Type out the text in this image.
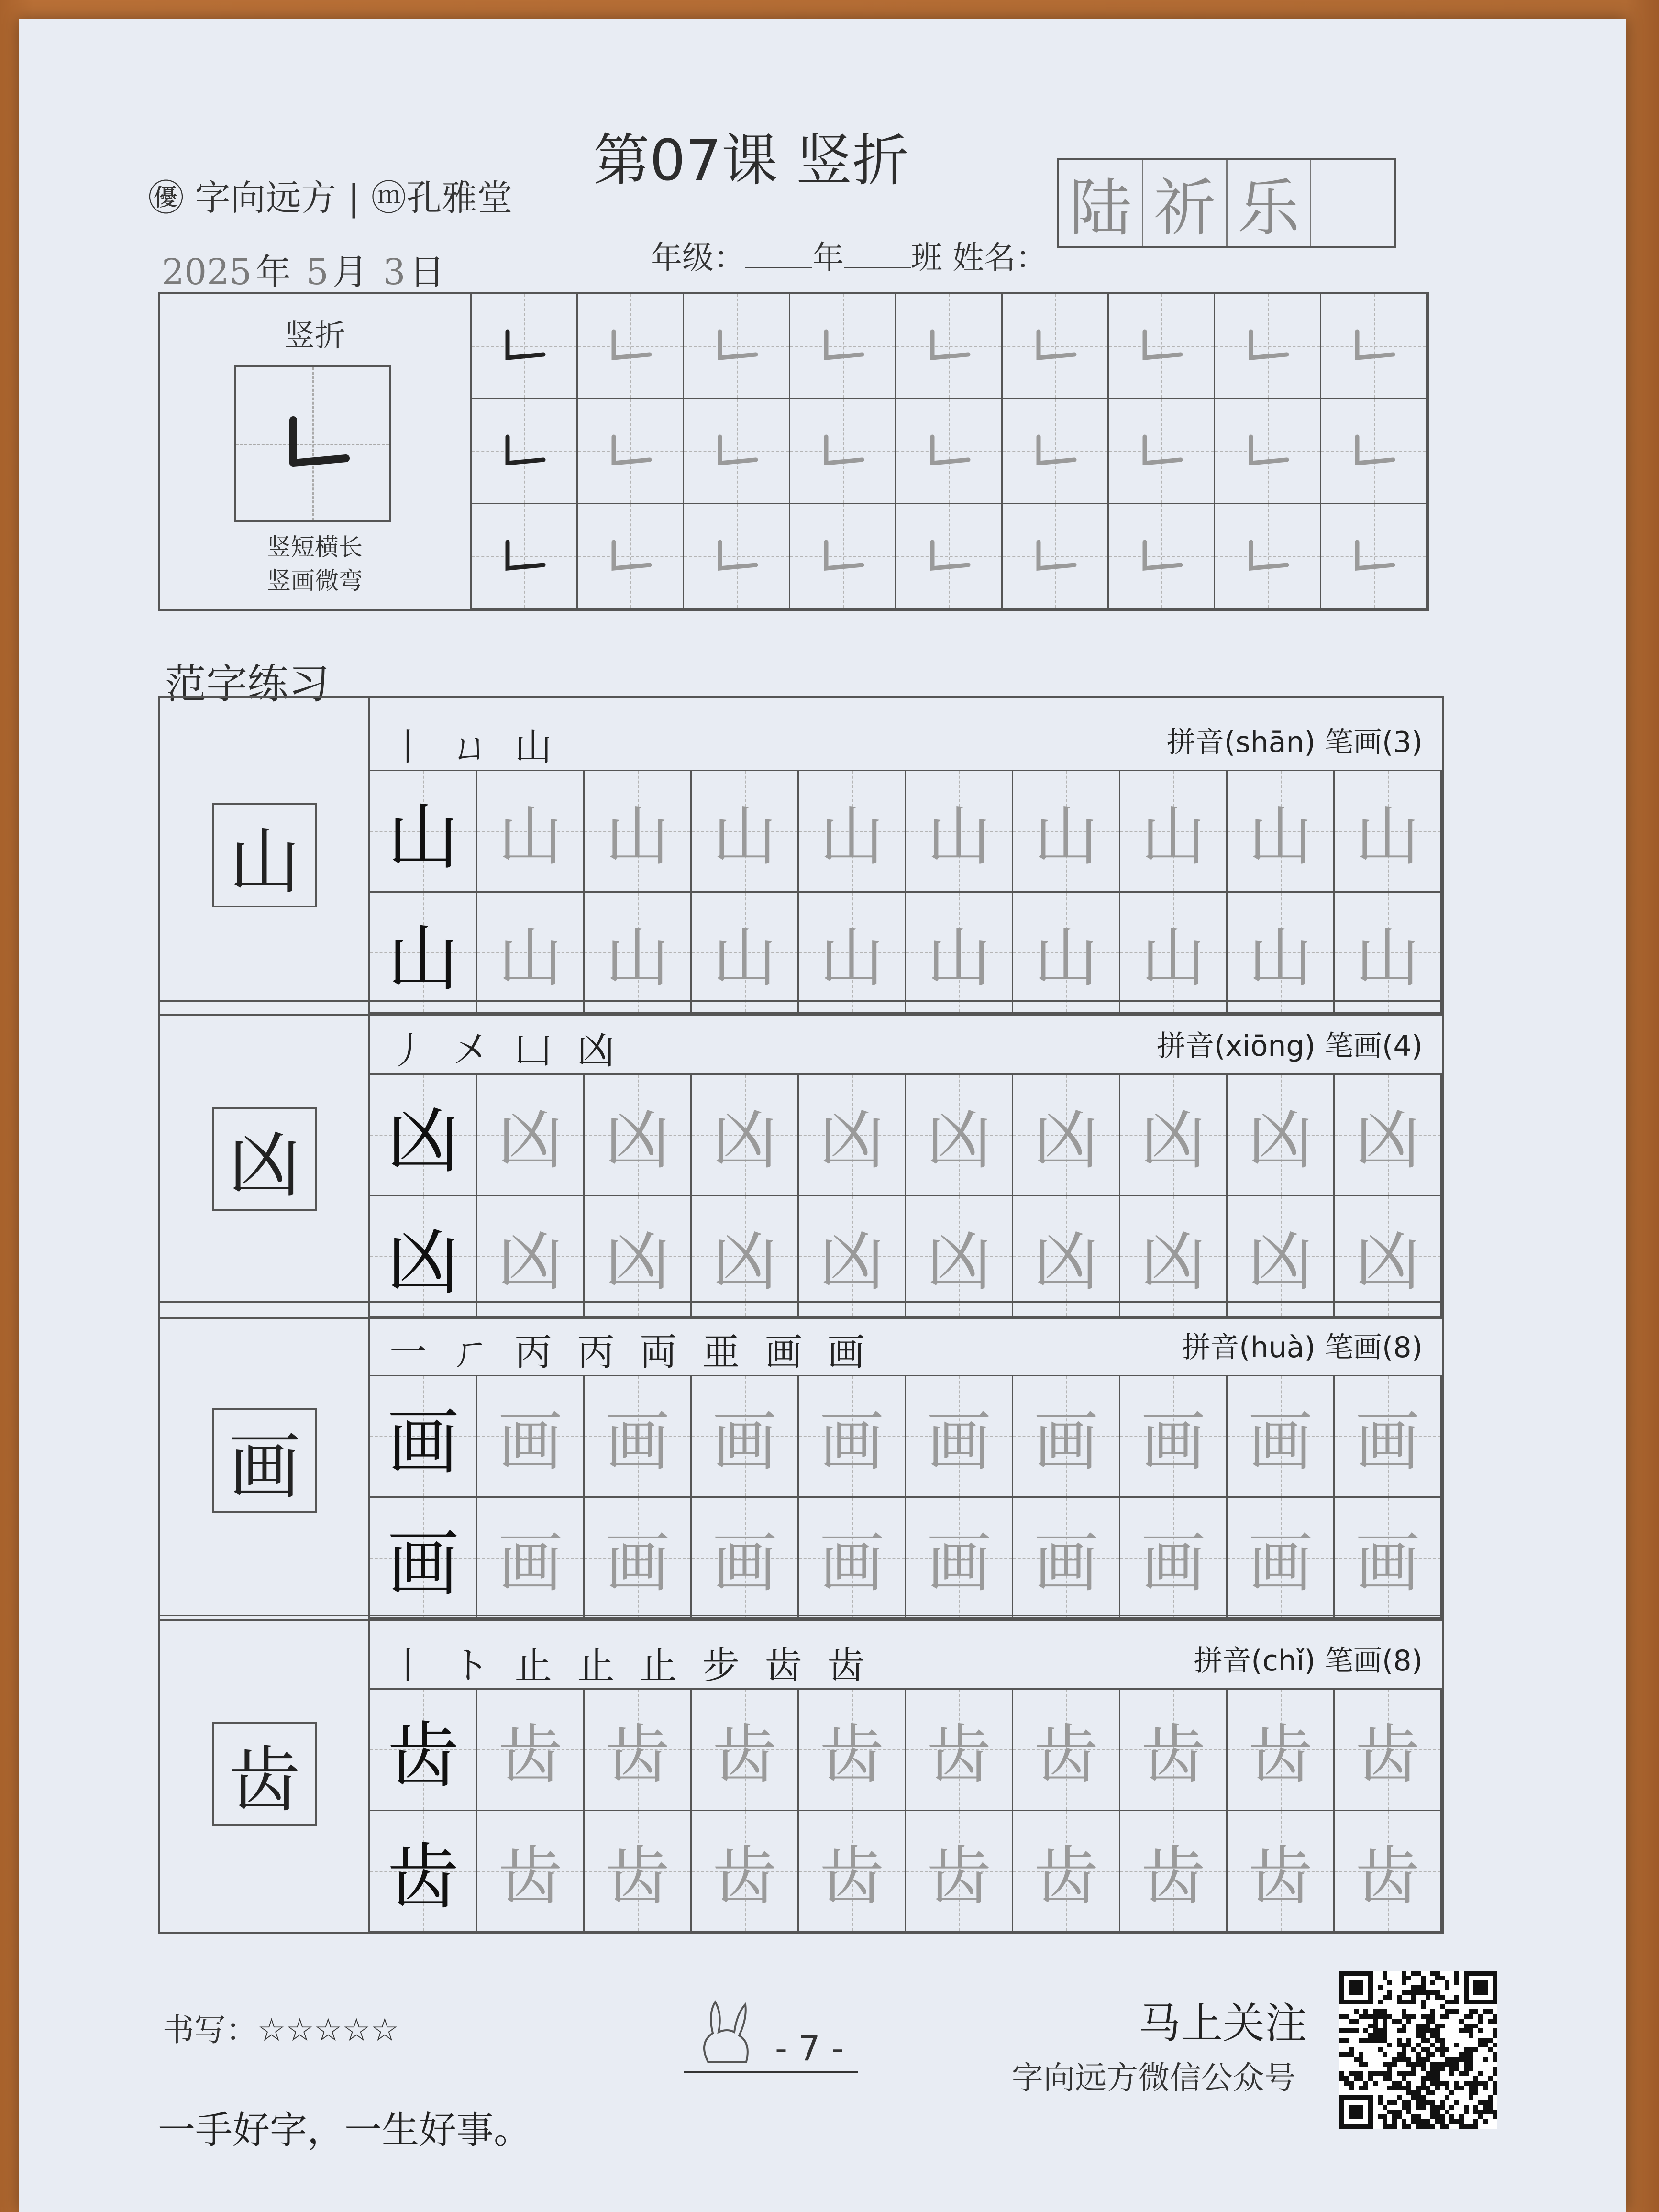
㊝ 字向远方 | ⓜ孔雅堂
第07课 竖折
2025 年 5 月 3 日	年级： 年 班 姓名：
陆 祈 乐
竖折
竖短横长
竖画微弯
范字练习
山
丨 ㄩ 山	拼音(shān) 笔画(3)
山 山 山 山 山 山 山 山 山 山
山 山 山 山 山 山 山 山 山 山
凶
丿 㐅 凵 凶	拼音(xiōng) 笔画(4)
凶 凶 凶 凶 凶 凶 凶 凶 凶 凶
凶 凶 凶 凶 凶 凶 凶 凶 凶 凶
画
一 ㄏ 丙 丙 両 亜 画 画	拼音(huà) 笔画(8)
画 画 画 画 画 画 画 画 画 画
画 画 画 画 画 画 画 画 画 画
齿
丨 ト 止 止 止 步 齿 齿	拼音(chǐ) 笔画(8)
齿 齿 齿 齿 齿 齿 齿 齿 齿 齿
齿 齿 齿 齿 齿 齿 齿 齿 齿 齿
书写：☆☆☆☆☆
一手好字，一生好事。
- 7 -
马上关注
字向远方微信公众号
